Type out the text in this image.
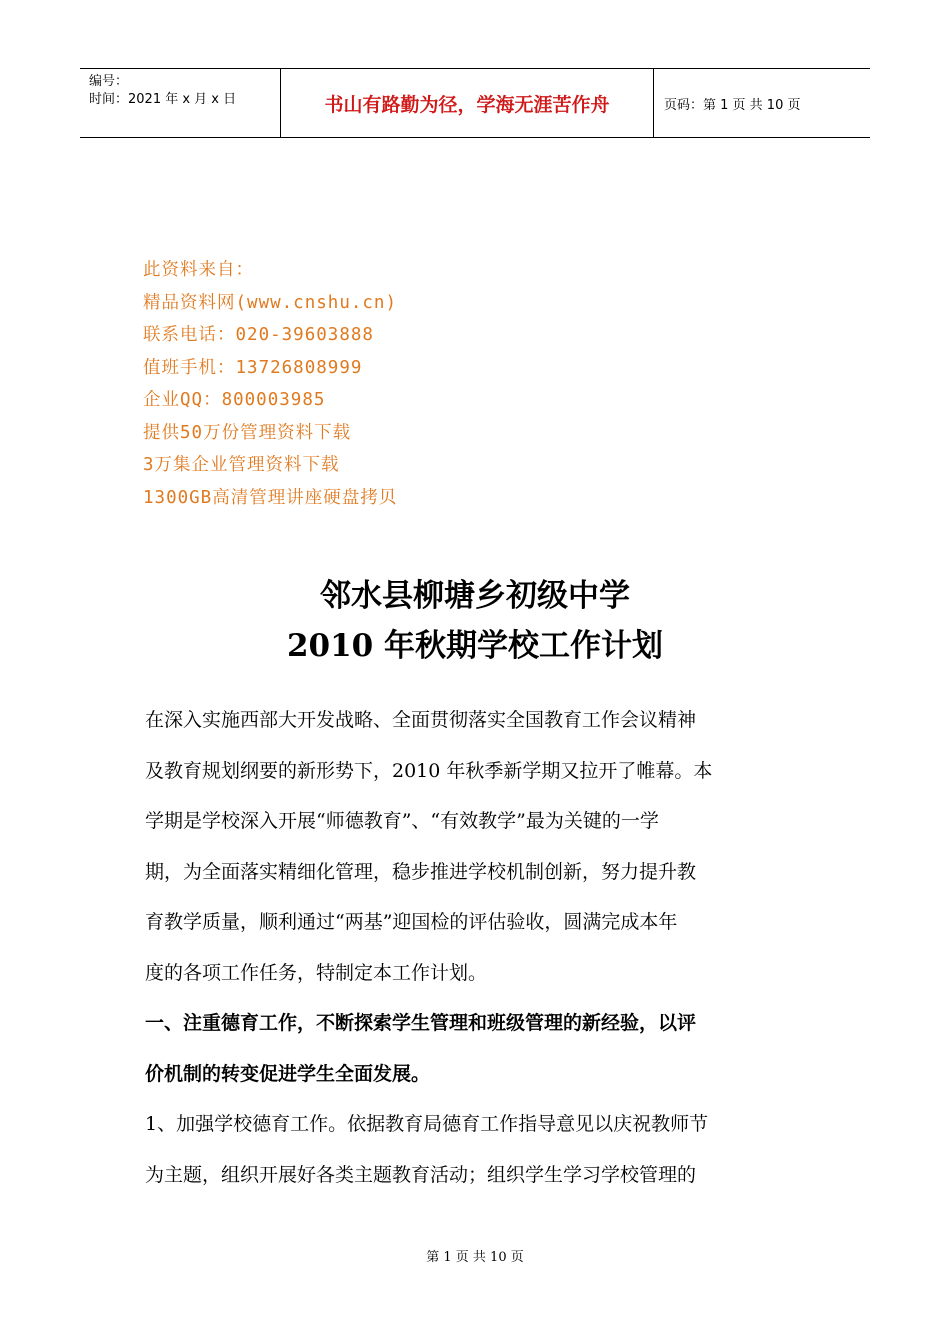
编号：
时间：2021 年 x 月 x 日	书山有路勤为径，学海无涯苦作舟	页码：第 1 页 共 10 页
此资料来自：
精品资料网(www.cnshu.cn)
联系电话：020-39603888
值班手机：13726808999
企业QQ：800003985
提供50万份管理资料下载
3万集企业管理资料下载
1300GB高清管理讲座硬盘拷贝
邻水县柳塘乡初级中学
2010 年秋期学校工作计划
在深入实施西部大开发战略、全面贯彻落实全国教育工作会议精神
及教育规划纲要的新形势下，2010 年秋季新学期又拉开了帷幕。本
学期是学校深入开展“师德教育”、“有效教学”最为关键的一学
期，为全面落实精细化管理，稳步推进学校机制创新，努力提升教
育教学质量，顺利通过“两基”迎国检的评估验收，圆满完成本年
度的各项工作任务，特制定本工作计划。
一、注重德育工作，不断探索学生管理和班级管理的新经验，以评
价机制的转变促进学生全面发展。
1、加强学校德育工作。依据教育局德育工作指导意见以庆祝教师节
为主题，组织开展好各类主题教育活动；组织学生学习学校管理的
第 1 页 共 10 页
